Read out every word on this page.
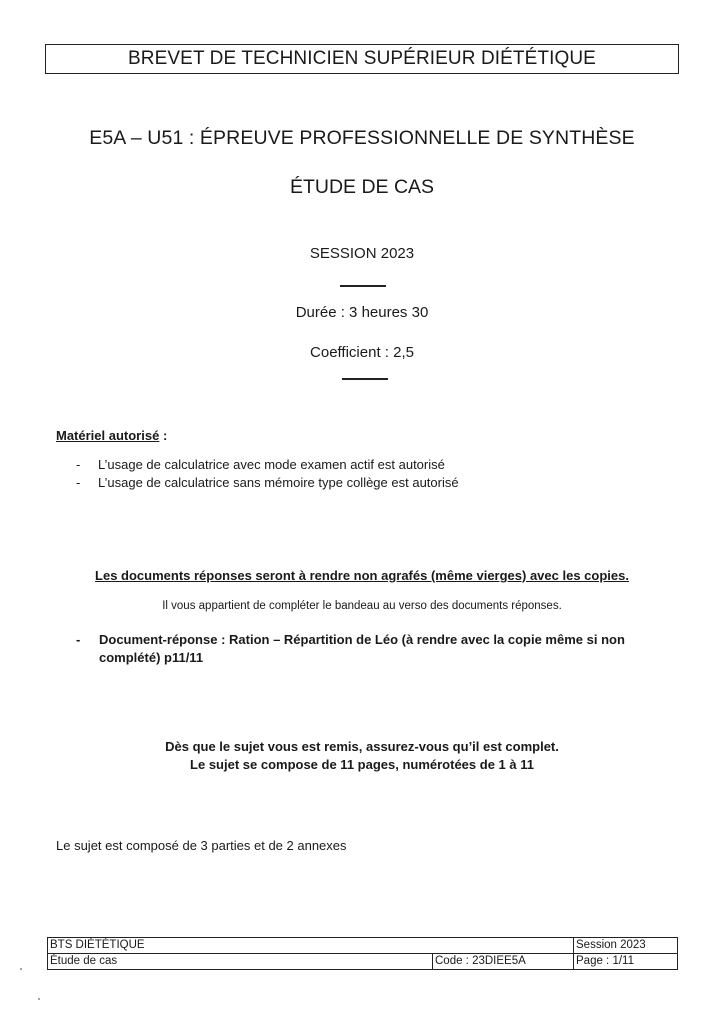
BREVET DE TECHNICIEN SUPÉRIEUR DIÉTÉTIQUE
E5A – U51 : ÉPREUVE PROFESSIONNELLE DE SYNTHÈSE
ÉTUDE DE CAS
SESSION 2023
Durée : 3 heures 30
Coefficient : 2,5
Matériel autorisé :
- L’usage de calculatrice avec mode examen actif est autorisé
- L’usage de calculatrice sans mémoire type collège est autorisé
Les documents réponses seront à rendre non agrafés (même vierges) avec les copies.
Il vous appartient de compléter le bandeau au verso des documents réponses.
-	Document-réponse : Ration – Répartition de Léo (à rendre avec la copie même si non complété) p11/11
Dès que le sujet vous est remis, assurez-vous qu’il est complet.
Le sujet se compose de 11 pages, numérotées de 1 à 11
Le sujet est composé de 3 parties et de 2 annexes
BTS DIÉTÉTIQUE		Session 2023
Étude de cas	Code : 23DIEE5A	Page : 1/11
